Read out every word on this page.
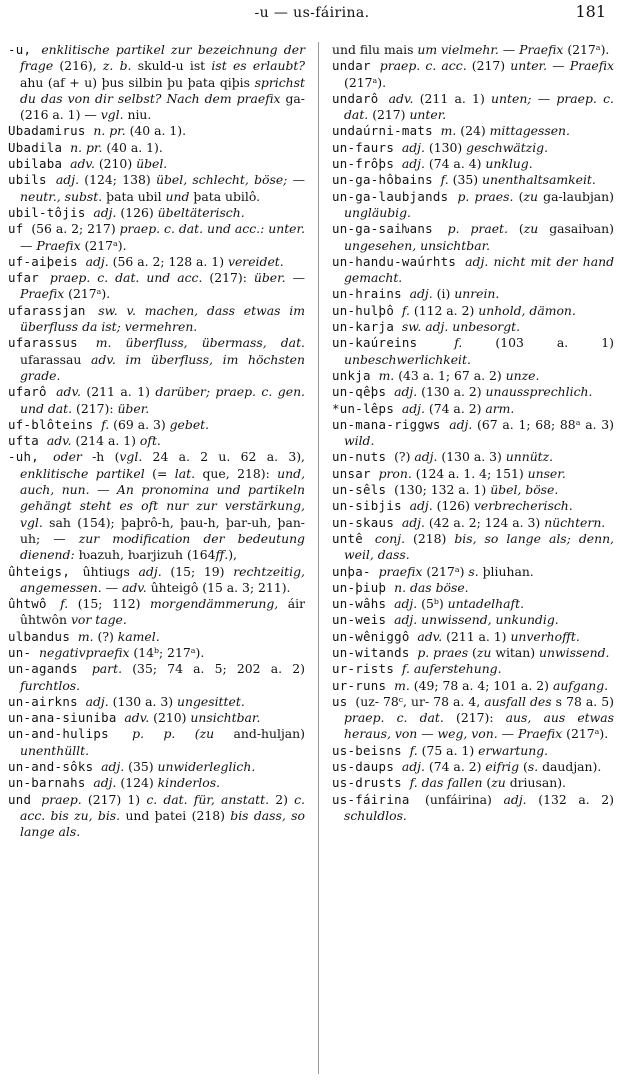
-u — us-fáirina.	181

-u, enklitische partikel zur bezeichnung der frage (216), z. b. skuld-u ist ist es erlaubt? ahu (af + u) þus silbin þu þata qiþis sprichst du das von dir selbst? Nach dem praefix ga- (216 a. 1) — vgl. niu.

Ubadamirus n. pr. (40 a. 1).

Ubadila n. pr. (40 a. 1).

ubilaba adv. (210) übel.

ubils adj. (124; 138) übel, schlecht, böse; — neutr., subst. þata ubil und þata ubilô.

ubil-tôjis adj. (126) übeltäterisch.

uf (56 a. 2; 217) praep. c. dat. und acc.: unter. — Praefix (217ᵃ).

uf-aiþeis adj. (56 a. 2; 128 a. 1) vereidet.

ufar praep. c. dat. und acc. (217): über. — Praefix (217ᵃ).

ufarassjan sw. v. machen, dass etwas im überfluss da ist; vermehren.

ufarassus m. überfluss, übermass, dat. ufarassau adv. im überfluss, im höchsten grade.

ufarô adv. (211 a. 1) darüber; praep. c. gen. und dat. (217): über.

uf-blôteins f. (69 a. 3) gebet.

ufta adv. (214 a. 1) oft.

-uh, oder -h (vgl. 24 a. 2 u. 62 a. 3), enklitische partikel (= lat. que, 218): und, auch, nun. — An pronomina und partikeln gehängt steht es oft nur zur verstärkung, vgl. sah (154); þaþrô-h, þau-h, þar-uh, þan-uh; — zur modification der bedeutung dienend: ƕazuh, ƕarjizuh (164ff.),

ûhteigs, ûhtiugs adj. (15; 19) rechtzeitig, angemessen. — adv. ûhteigô (15 a. 3; 211).

ûhtwô f. (15; 112) morgendämmerung, áir ûhtwôn vor tage.

ulbandus m. (?) kamel.

un- negativpraefix (14ᵇ; 217ᵃ).

un-agands part. (35; 74 a. 5; 202 a. 2) furchtlos.

un-airkns adj. (130 a. 3) ungesittet.

un-ana-siuniba adv. (210) unsichtbar.

un-and-hulips p. p. (zu and-huljan) unenthüllt.

un-and-sôks adj. (35) unwiderleglich.

un-barnahs adj. (124) kinderlos.

und praep. (217) 1) c. dat. für, anstatt. 2) c. acc. bis zu, bis. und þatei (218) bis dass, so lange als.

und filu mais um vielmehr. — Praefix (217ᵃ).

undar praep. c. acc. (217) unter. — Praefix (217ᵃ).

undarô adv. (211 a. 1) unten; — praep. c. dat. (217) unter.

undaúrni-mats m. (24) mittagessen.

un-faurs adj. (130) geschwätzig.

un-frôþs adj. (74 a. 4) unklug.

un-ga-hôbains f. (35) unenthaltsamkeit.

un-ga-laubjands p. praes. (zu ga-laubjan) ungläubig.

un-ga-saiƕans p. praet. (zu gasaiƕan) ungesehen, unsichtbar.

un-handu-waúrhts adj. nicht mit der hand gemacht.

un-hrains adj. (i) unrein.

un-hulþô f. (112 a. 2) unhold, dämon.

un-karja sw. adj. unbesorgt.

un-kaúreins f. (103 a. 1) unbeschwerlichkeit.

unkja m. (43 a. 1; 67 a. 2) unze.

un-qêþs adj. (130 a. 2) unaussprechlich.

*un-lêps adj. (74 a. 2) arm.

un-mana-riggws adj. (67 a. 1; 68; 88ᵃ a. 3) wild.

un-nuts (?) adj. (130 a. 3) unnütz.

unsar pron. (124 a. 1. 4; 151) unser.

un-sêls (130; 132 a. 1) übel, böse.

un-sibjis adj. (126) verbrecherisch.

un-skaus adj. (42 a. 2; 124 a. 3) nüchtern.

untê conj. (218) bis, so lange als; denn, weil, dass.

unþa- praefix (217ᵃ) s. þliuhan.

un-þiuþ n. das böse.

un-wâhs adj. (5ᵇ) untadelhaft.

un-weis adj. unwissend, unkundig.

un-wêniggô adv. (211 a. 1) unverhofft.

un-witands p. praes (zu witan) unwissend.

ur-rists f. auferstehung.

ur-runs m. (49; 78 a. 4; 101 a. 2) aufgang.

us (uz- 78ᶜ, ur- 78 a. 4, ausfall des s 78 a. 5) praep. c. dat. (217): aus, aus etwas heraus, von — weg, von. — Praefix (217ᵃ).

us-beisns f. (75 a. 1) erwartung.

us-daups adj. (74 a. 2) eifrig (s. daudjan).

us-drusts f. das fallen (zu driusan).

us-fáirina (unfáirina) adj. (132 a. 2) schuldlos.
